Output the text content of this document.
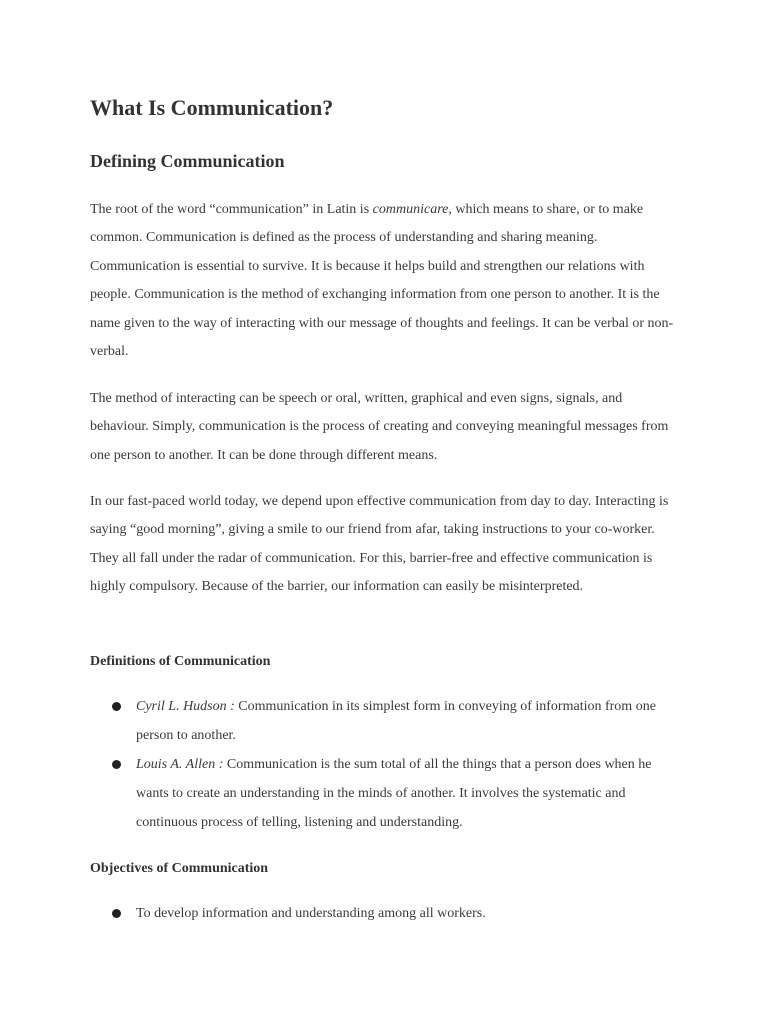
What Is Communication?
Defining Communication

The root of the word “communication” in Latin is communicare, which means to share, or to make common. Communication is defined as the process of understanding and sharing meaning. Communication is essential to survive. It is because it helps build and strengthen our relations with people. Communication is the method of exchanging information from one person to another. It is the name given to the way of interacting with our message of thoughts and feelings. It can be verbal or non-verbal.

The method of interacting can be speech or oral, written, graphical and even signs, signals, and behaviour. Simply, communication is the process of creating and conveying meaningful messages from one person to another. It can be done through different means.

In our fast-paced world today, we depend upon effective communication from day to day. Interacting is saying “good morning”, giving a smile to our friend from afar, taking instructions to your co-worker. They all fall under the radar of communication. For this, barrier-free and effective communication is highly compulsory. Because of the barrier, our information can easily be misinterpreted.

Definitions of Communication
Cyril L. Hudson : Communication in its simplest form in conveying of information from one person to another.
Louis A. Allen : Communication is the sum total of all the things that a person does when he wants to create an understanding in the minds of another. It involves the systematic and continuous process of telling, listening and understanding.
Objectives of Communication
To develop information and understanding among all workers.
